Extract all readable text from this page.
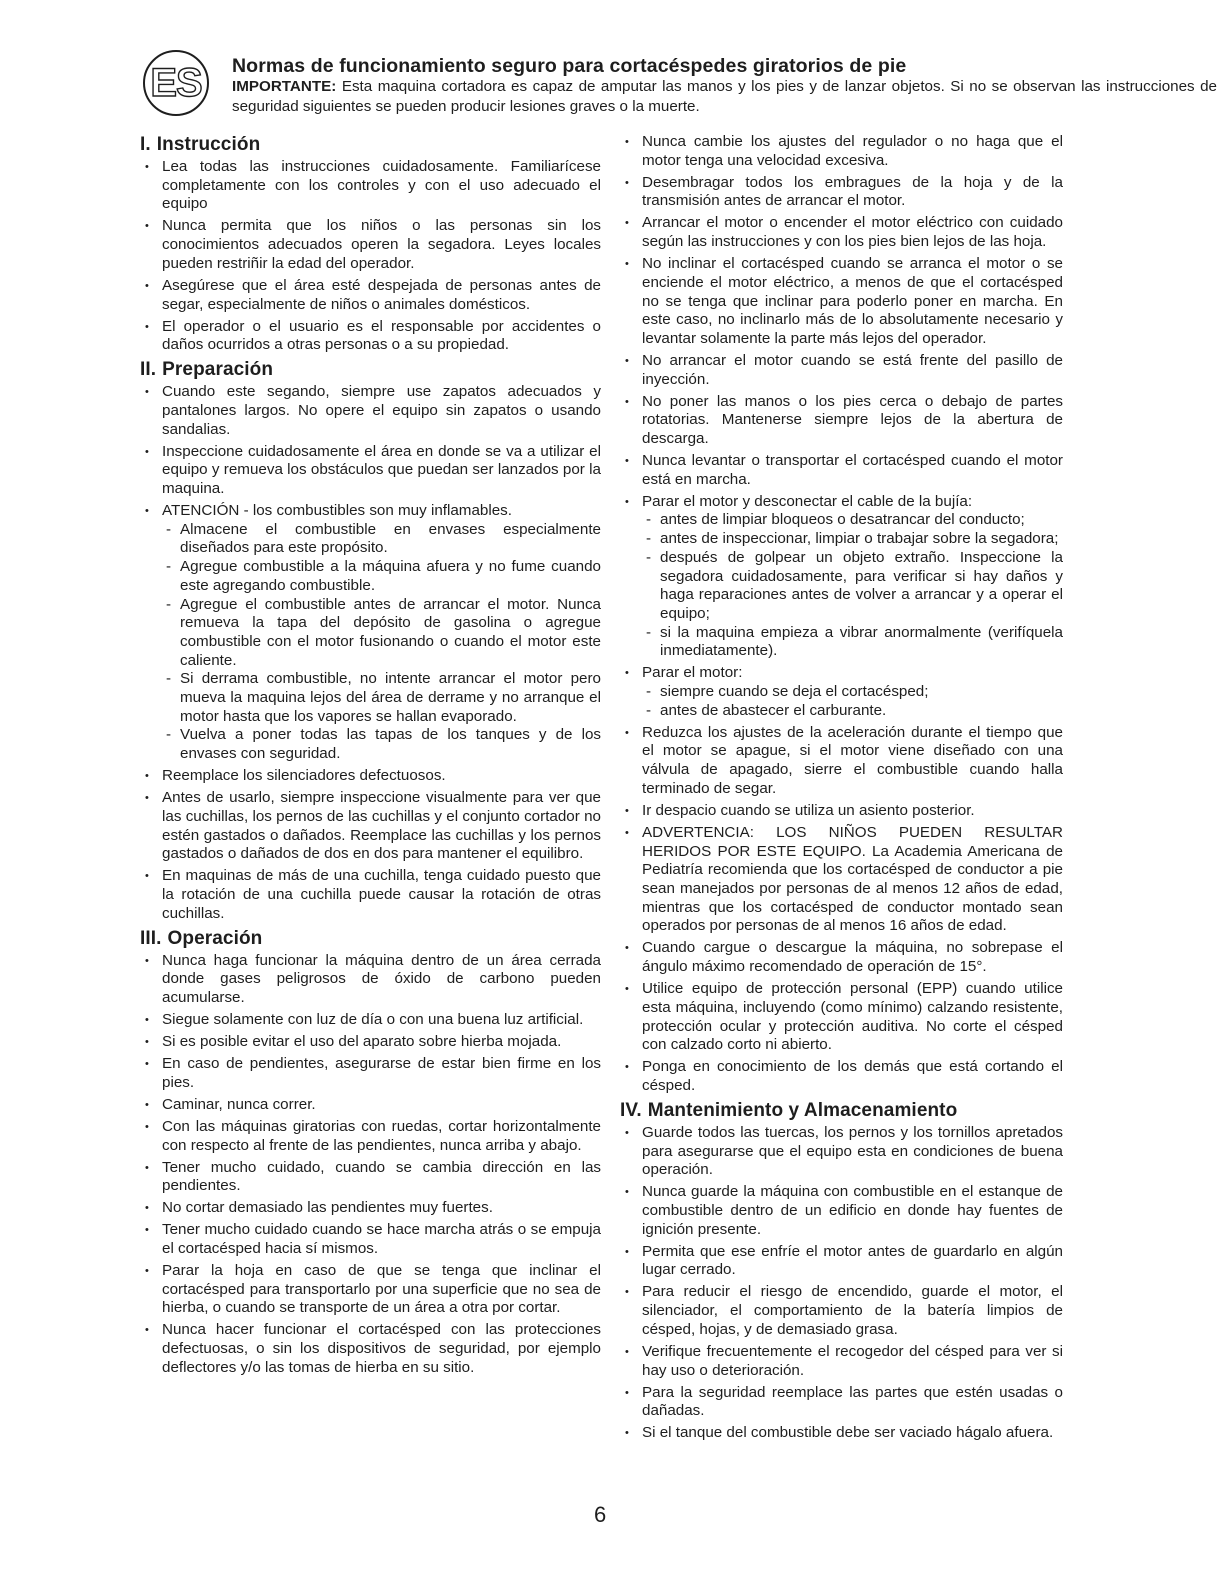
ES	Normas de funcionamiento seguro para cortacéspedes giratorios de pie

IMPORTANTE: Esta maquina cortadora es capaz de amputar las manos y los pies y de lanzar objetos. Si no se observan las instrucciones de seguridad siguientes se pueden producir lesiones graves o la muerte.

I. Instrucción
• Lea todas las instrucciones cuidadosamente. Familiarícese completamente con los controles y con el uso adecuado el equipo
• Nunca permita que los niños o las personas sin los conocimientos adecuados operen la segadora. Leyes locales pueden restriñir la edad del operador.
• Asegúrese que el área esté despejada de personas antes de segar, especialmente de niños o animales domésticos.
• El operador o el usuario es el responsable por accidentes o daños ocurridos a otras personas o a su propiedad.
II. Preparación
• Cuando este segando, siempre use zapatos adecuados y pantalones largos. No opere el equipo sin zapatos o usando sandalias.
• Inspeccione cuidadosamente el área en donde se va a utilizar el equipo y remueva los obstáculos que puedan ser lanzados por la maquina.
• ATENCIÓN - los combustibles son muy inflamables.
- Almacene el combustible en envases especialmente diseñados para este propósito.
- Agregue combustible a la máquina afuera y no fume cuando este agregando combustible.
- Agregue el combustible antes de arrancar el motor. Nunca remueva la tapa del depósito de gasolina o agregue combustible con el motor fusionando o cuando el motor este caliente.
- Si derrama combustible, no intente arrancar el motor pero mueva la maquina lejos del área de derrame y no arranque el motor hasta que los vapores se hallan evaporado.
- Vuelva a poner todas las tapas de los tanques y de los envases con seguridad.
• Reemplace los silenciadores defectuosos.
• Antes de usarlo, siempre inspeccione visualmente para ver que las cuchillas, los pernos de las cuchillas y el conjunto cortador no estén gastados o dañados. Reemplace las cuchillas y los pernos gastados o dañados de dos en dos para mantener el equilibro.
• En maquinas de más de una cuchilla, tenga cuidado puesto que la rotación de una cuchilla puede causar la rotación de otras cuchillas.
III. Operación
• Nunca haga funcionar la máquina dentro de un área cerrada donde gases peligrosos de óxido de carbono pueden acumularse.
• Siegue solamente con luz de día o con una buena luz artificial.
• Si es posible evitar el uso del aparato sobre hierba mojada.
• En caso de pendientes, asegurarse de estar bien firme en los pies.
• Caminar, nunca correr.
• Con las máquinas giratorias con ruedas, cortar horizontalmente con respecto al frente de las pendientes, nunca arriba y abajo.
• Tener mucho cuidado, cuando se cambia dirección en las pendientes.
• No cortar demasiado las pendientes muy fuertes.
• Tener mucho cuidado cuando se hace marcha atrás o se empuja el cortacésped hacia sí mismos.
• Parar la hoja en caso de que se tenga que inclinar el cortacésped para transportarlo por una superficie que no sea de hierba, o cuando se transporte de un área a otra por cortar.
• Nunca hacer funcionar el cortacésped con las protecciones defectuosas, o sin los dispositivos de seguridad, por ejemplo deflectores y/o las tomas de hierba en su sitio.
• Nunca cambie los ajustes del regulador o no haga que el motor tenga una velocidad excesiva.
• Desembragar todos los embragues de la hoja y de la transmisión antes de arrancar el motor.
• Arrancar el motor o encender el motor eléctrico con cuidado según las instrucciones y con los pies bien lejos de las hoja.
• No inclinar el cortacésped cuando se arranca el motor o se enciende el motor eléctrico, a menos de que el cortacésped no se tenga que inclinar para poderlo poner en marcha. En este caso, no inclinarlo más de lo absolutamente necesario y levantar solamente la parte más lejos del operador.
• No arrancar el motor cuando se está frente del pasillo de inyección.
• No poner las manos o los pies cerca o debajo de partes rotatorias. Mantenerse siempre lejos de la abertura de descarga.
• Nunca levantar o transportar el cortacésped cuando el motor está en marcha.
• Parar el motor y desconectar el cable de la bujía:
- antes de limpiar bloqueos o desatrancar del conducto;
- antes de inspeccionar, limpiar o trabajar sobre la segadora;
- después de golpear un objeto extraño. Inspeccione la segadora cuidadosamente, para verificar si hay daños y haga reparaciones antes de volver a arrancar y a operar el equipo;
- si la maquina empieza a vibrar anormalmente (verifíquela inmediatamente).
• Parar el motor:
- siempre cuando se deja el cortacésped;
- antes de abastecer el carburante.
• Reduzca los ajustes de la aceleración durante el tiempo que el motor se apague, si el motor viene diseñado con una válvula de apagado, sierre el combustible cuando halla terminado de segar.
• Ir despacio cuando se utiliza un asiento posterior.
• ADVERTENCIA: LOS NIÑOS PUEDEN RESULTAR HERIDOS POR ESTE EQUIPO. La Academia Americana de Pediatría recomienda que los cortacésped de conductor a pie sean manejados por personas de al menos 12 años de edad, mientras que los cortacésped de conductor montado sean operados por personas de al menos 16 años de edad.
• Cuando cargue o descargue la máquina, no sobrepase el ángulo máximo recomendado de operación de 15°.
• Utilice equipo de protección personal (EPP) cuando utilice esta máquina, incluyendo (como mínimo) calzando resistente, protección ocular y protección auditiva. No corte el césped con calzado corto ni abierto.
• Ponga en conocimiento de los demás que está cortando el césped.
IV. Mantenimiento y Almacenamiento
• Guarde todos las tuercas, los pernos y los tornillos apretados para asegurarse que el equipo esta en condiciones de buena operación.
• Nunca guarde la máquina con combustible en el estanque de combustible dentro de un edificio en donde hay fuentes de ignición presente.
• Permita que ese enfríe el motor antes de guardarlo en algún lugar cerrado.
• Para reducir el riesgo de encendido, guarde el motor, el silenciador, el comportamiento de la batería limpios de césped, hojas, y de demasiado grasa.
• Verifique frecuentemente el recogedor del césped para ver si hay uso o deterioración.
• Para la seguridad reemplace las partes que estén usadas o dañadas.
• Si el tanque del combustible debe ser vaciado hágalo afuera.
6
